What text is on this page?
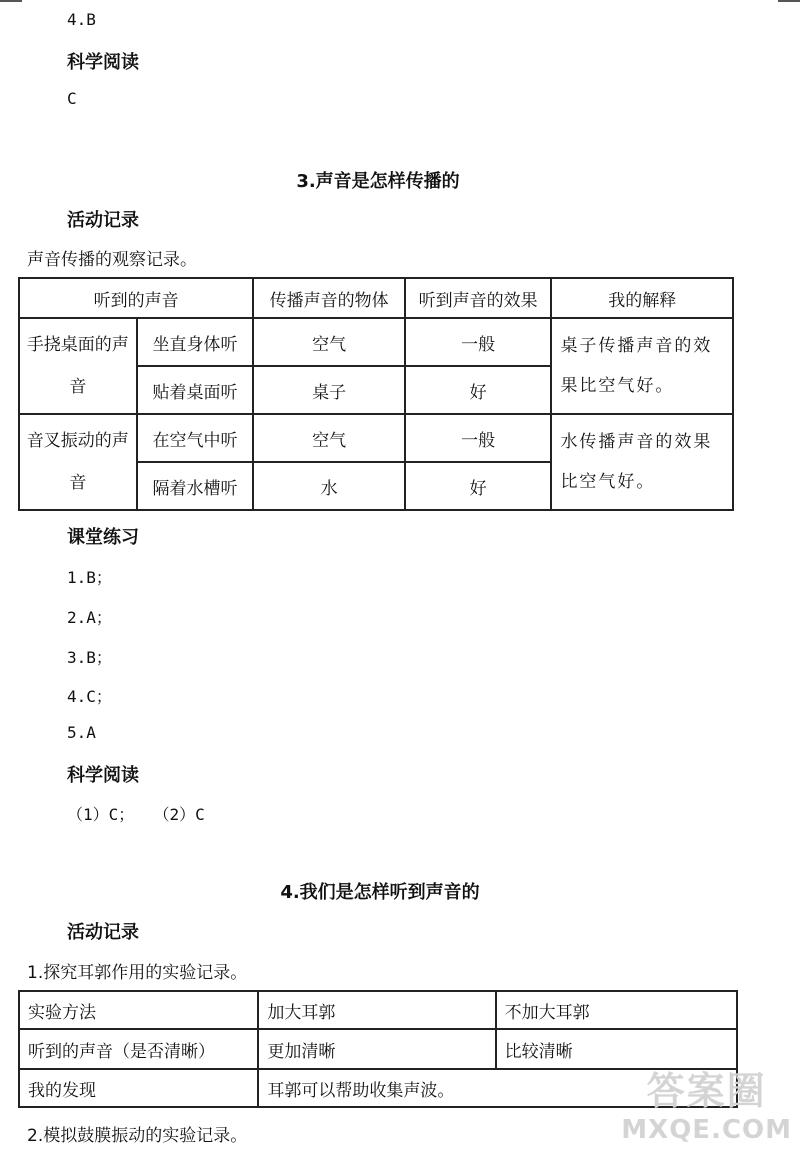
4.B
科学阅读
C
3.声音是怎样传播的
活动记录
声音传播的观察记录。
听到的声音		传播声音的物体	听到声音的效果	我的解释
手挠桌面的声音	坐直身体听	空气	一般	桌子传播声音的效果比空气好。
	贴着桌面听	桌子	好	
音叉振动的声音	在空气中听	空气	一般	水传播声音的效果比空气好。
	隔着水槽听	水	好	
课堂练习
1.B；
2.A；
3.B；
4.C；
5.A
科学阅读
（1）C；  （2）C
4.我们是怎样听到声音的
活动记录
1.探究耳郭作用的实验记录。
实验方法	加大耳郭	不加大耳郭
听到的声音（是否清晰）	更加清晰	比较清晰
我的发现	耳郭可以帮助收集声波。	
2.模拟鼓膜振动的实验记录。
答案圈
MXQE.COM
